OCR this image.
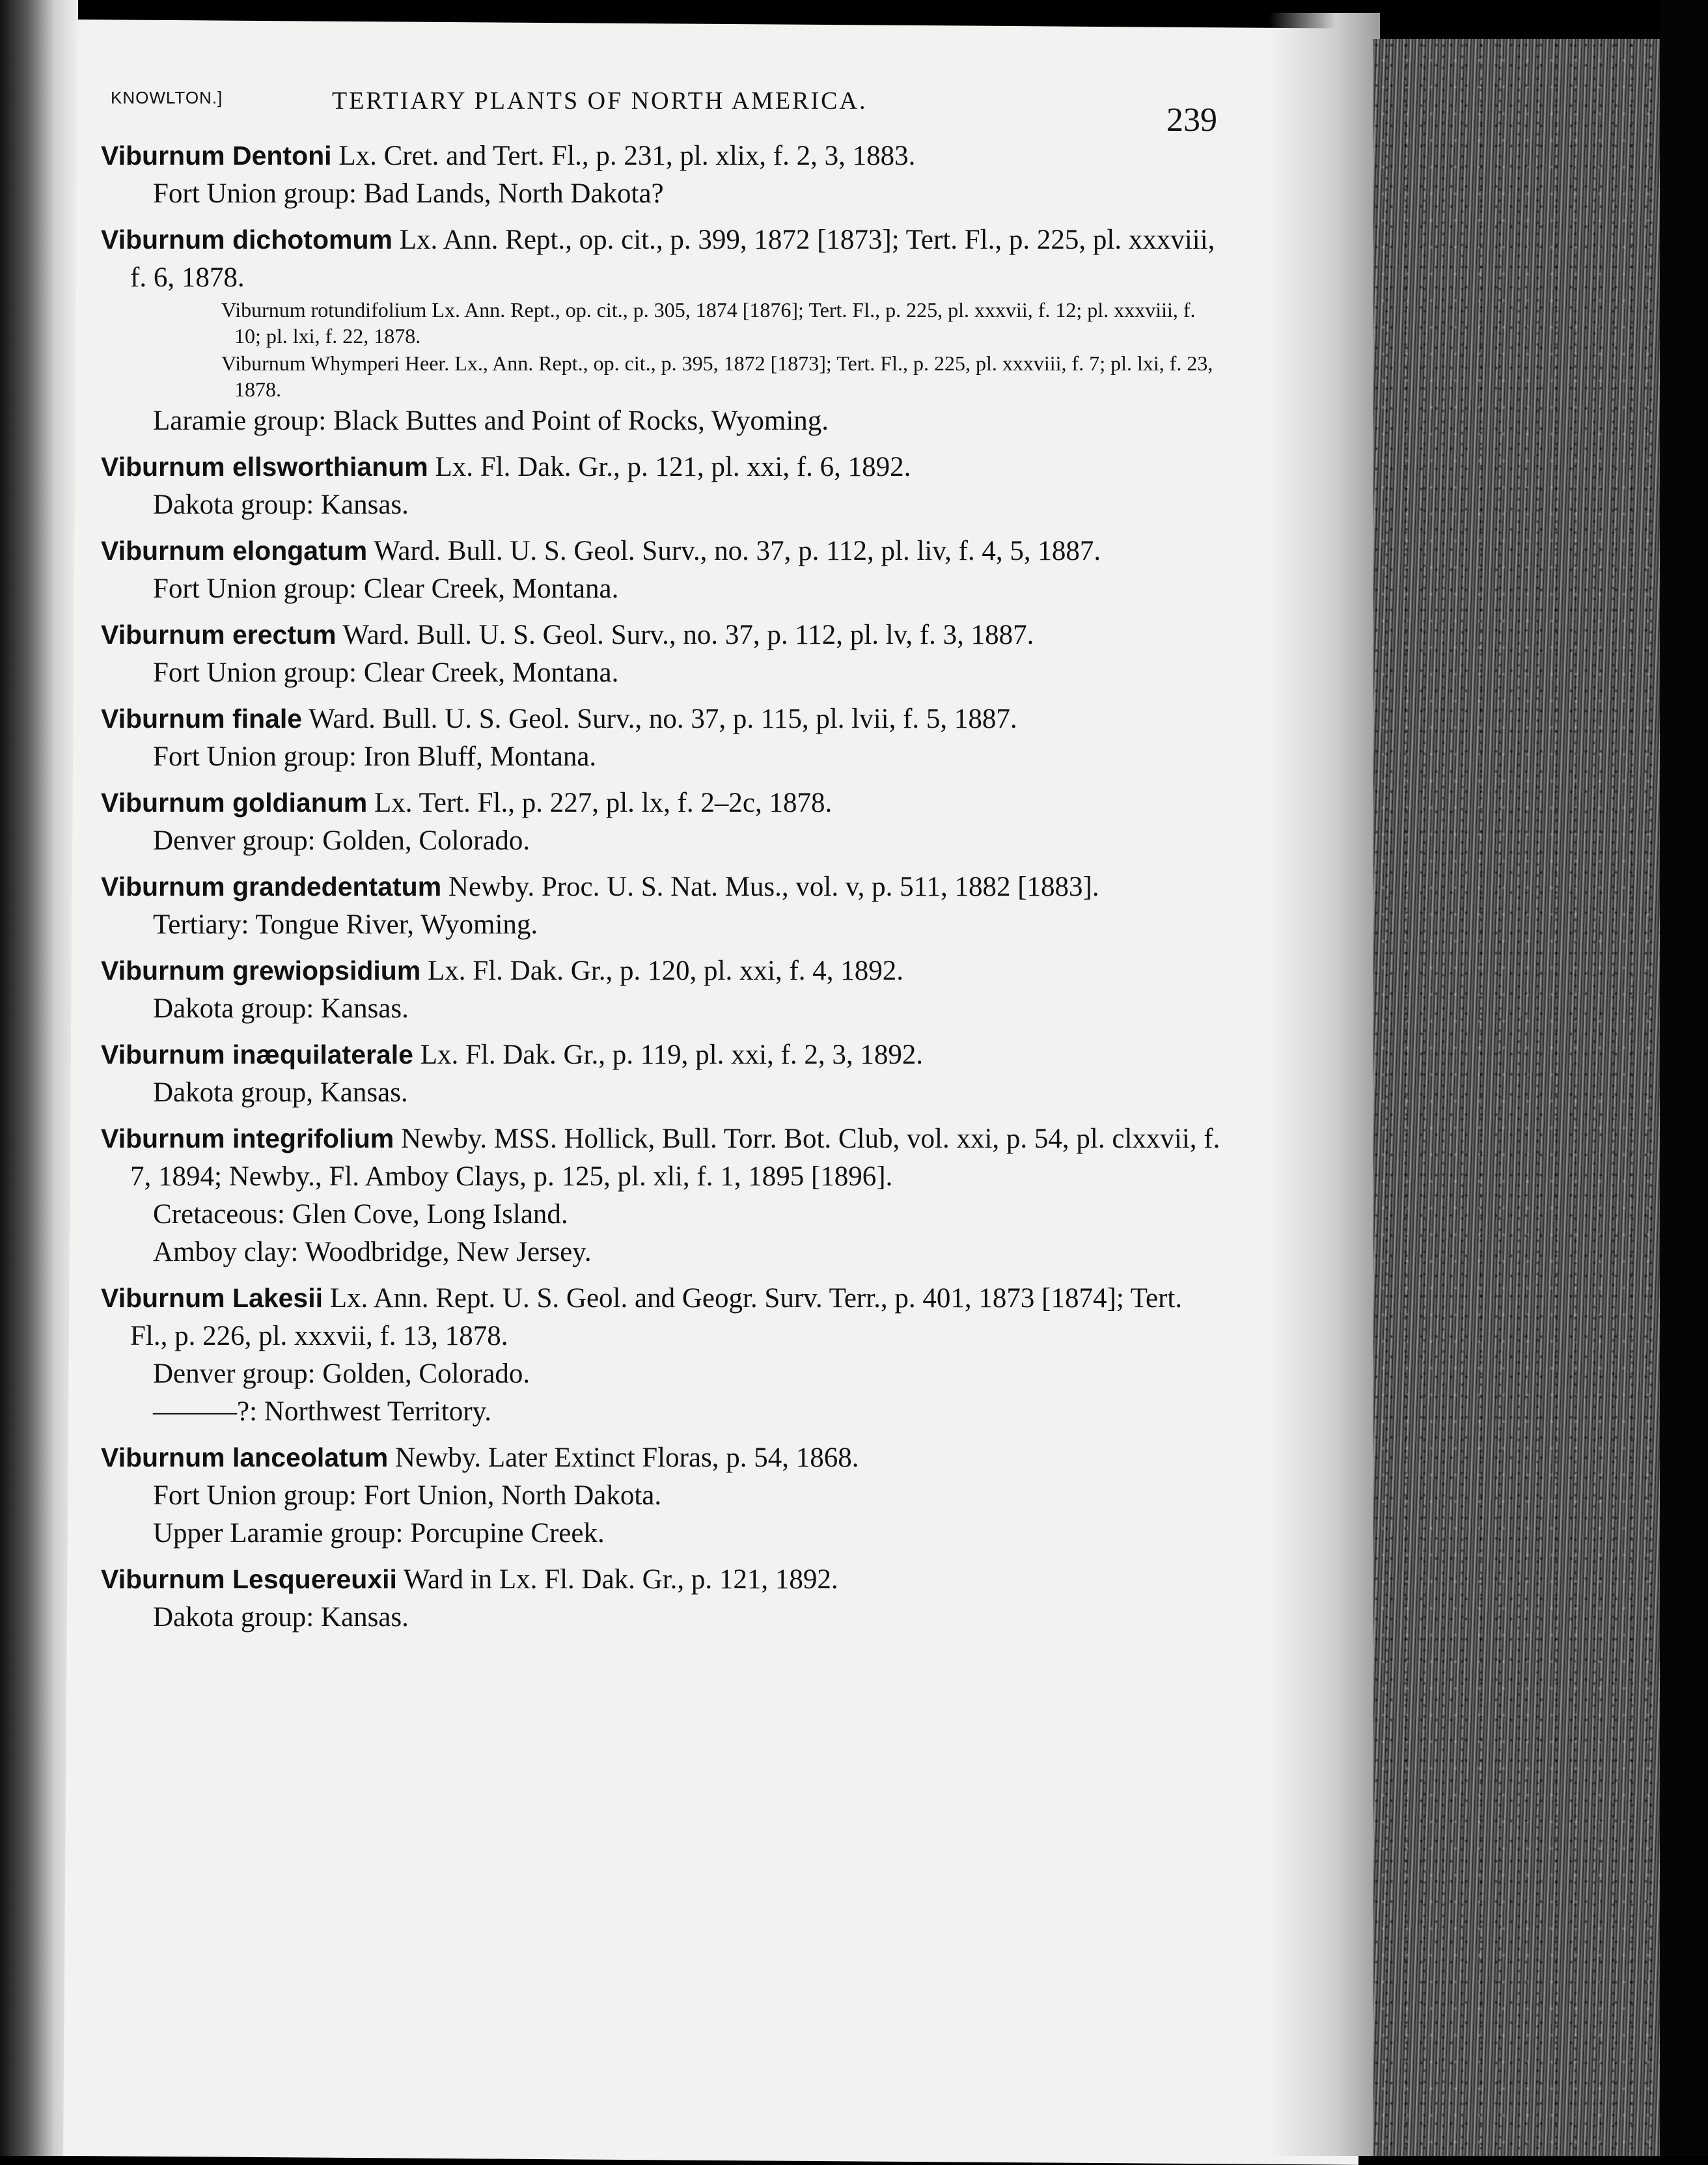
KNOWLTON.]	TERTIARY PLANTS OF NORTH AMERICA.
239

Viburnum Dentoni Lx. Cret. and Tert. Fl., p. 231, pl. xlix, f. 2, 3, 1883.

Fort Union group: Bad Lands, North Dakota?

Viburnum dichotomum Lx. Ann. Rept., op. cit., p. 399, 1872 [1873]; Tert. Fl., p. 225, pl. xxxviii, f. 6, 1878.

Viburnum rotundifolium Lx. Ann. Rept., op. cit., p. 305, 1874 [1876]; Tert. Fl., p. 225, pl. xxxvii, f. 12; pl. xxxviii, f. 10; pl. lxi, f. 22, 1878.

Viburnum Whymperi Heer. Lx., Ann. Rept., op. cit., p. 395, 1872 [1873]; Tert. Fl., p. 225, pl. xxxviii, f. 7; pl. lxi, f. 23, 1878.

Laramie group: Black Buttes and Point of Rocks, Wyoming.

Viburnum ellsworthianum Lx. Fl. Dak. Gr., p. 121, pl. xxi, f. 6, 1892.

Dakota group: Kansas.

Viburnum elongatum Ward. Bull. U. S. Geol. Surv., no. 37, p. 112, pl. liv, f. 4, 5, 1887.

Fort Union group: Clear Creek, Montana.

Viburnum erectum Ward. Bull. U. S. Geol. Surv., no. 37, p. 112, pl. lv, f. 3, 1887.

Fort Union group: Clear Creek, Montana.

Viburnum finale Ward. Bull. U. S. Geol. Surv., no. 37, p. 115, pl. lvii, f. 5, 1887.

Fort Union group: Iron Bluff, Montana.

Viburnum goldianum Lx. Tert. Fl., p. 227, pl. lx, f. 2–2c, 1878.

Denver group: Golden, Colorado.

Viburnum grandedentatum Newby. Proc. U. S. Nat. Mus., vol. v, p. 511, 1882 [1883].

Tertiary: Tongue River, Wyoming.

Viburnum grewiopsidium Lx. Fl. Dak. Gr., p. 120, pl. xxi, f. 4, 1892.

Dakota group: Kansas.

Viburnum inæquilaterale Lx. Fl. Dak. Gr., p. 119, pl. xxi, f. 2, 3, 1892.

Dakota group, Kansas.

Viburnum integrifolium Newby. MSS. Hollick, Bull. Torr. Bot. Club, vol. xxi, p. 54, pl. clxxvii, f. 7, 1894; Newby., Fl. Amboy Clays, p. 125, pl. xli, f. 1, 1895 [1896].

Cretaceous: Glen Cove, Long Island.

Amboy clay: Woodbridge, New Jersey.

Viburnum Lakesii Lx. Ann. Rept. U. S. Geol. and Geogr. Surv. Terr., p. 401, 1873 [1874]; Tert. Fl., p. 226, pl. xxxvii, f. 13, 1878.

Denver group: Golden, Colorado.

———?: Northwest Territory.

Viburnum lanceolatum Newby. Later Extinct Floras, p. 54, 1868.

Fort Union group: Fort Union, North Dakota.

Upper Laramie group: Porcupine Creek.

Viburnum Lesquereuxii Ward in Lx. Fl. Dak. Gr., p. 121, 1892.

Dakota group: Kansas.
